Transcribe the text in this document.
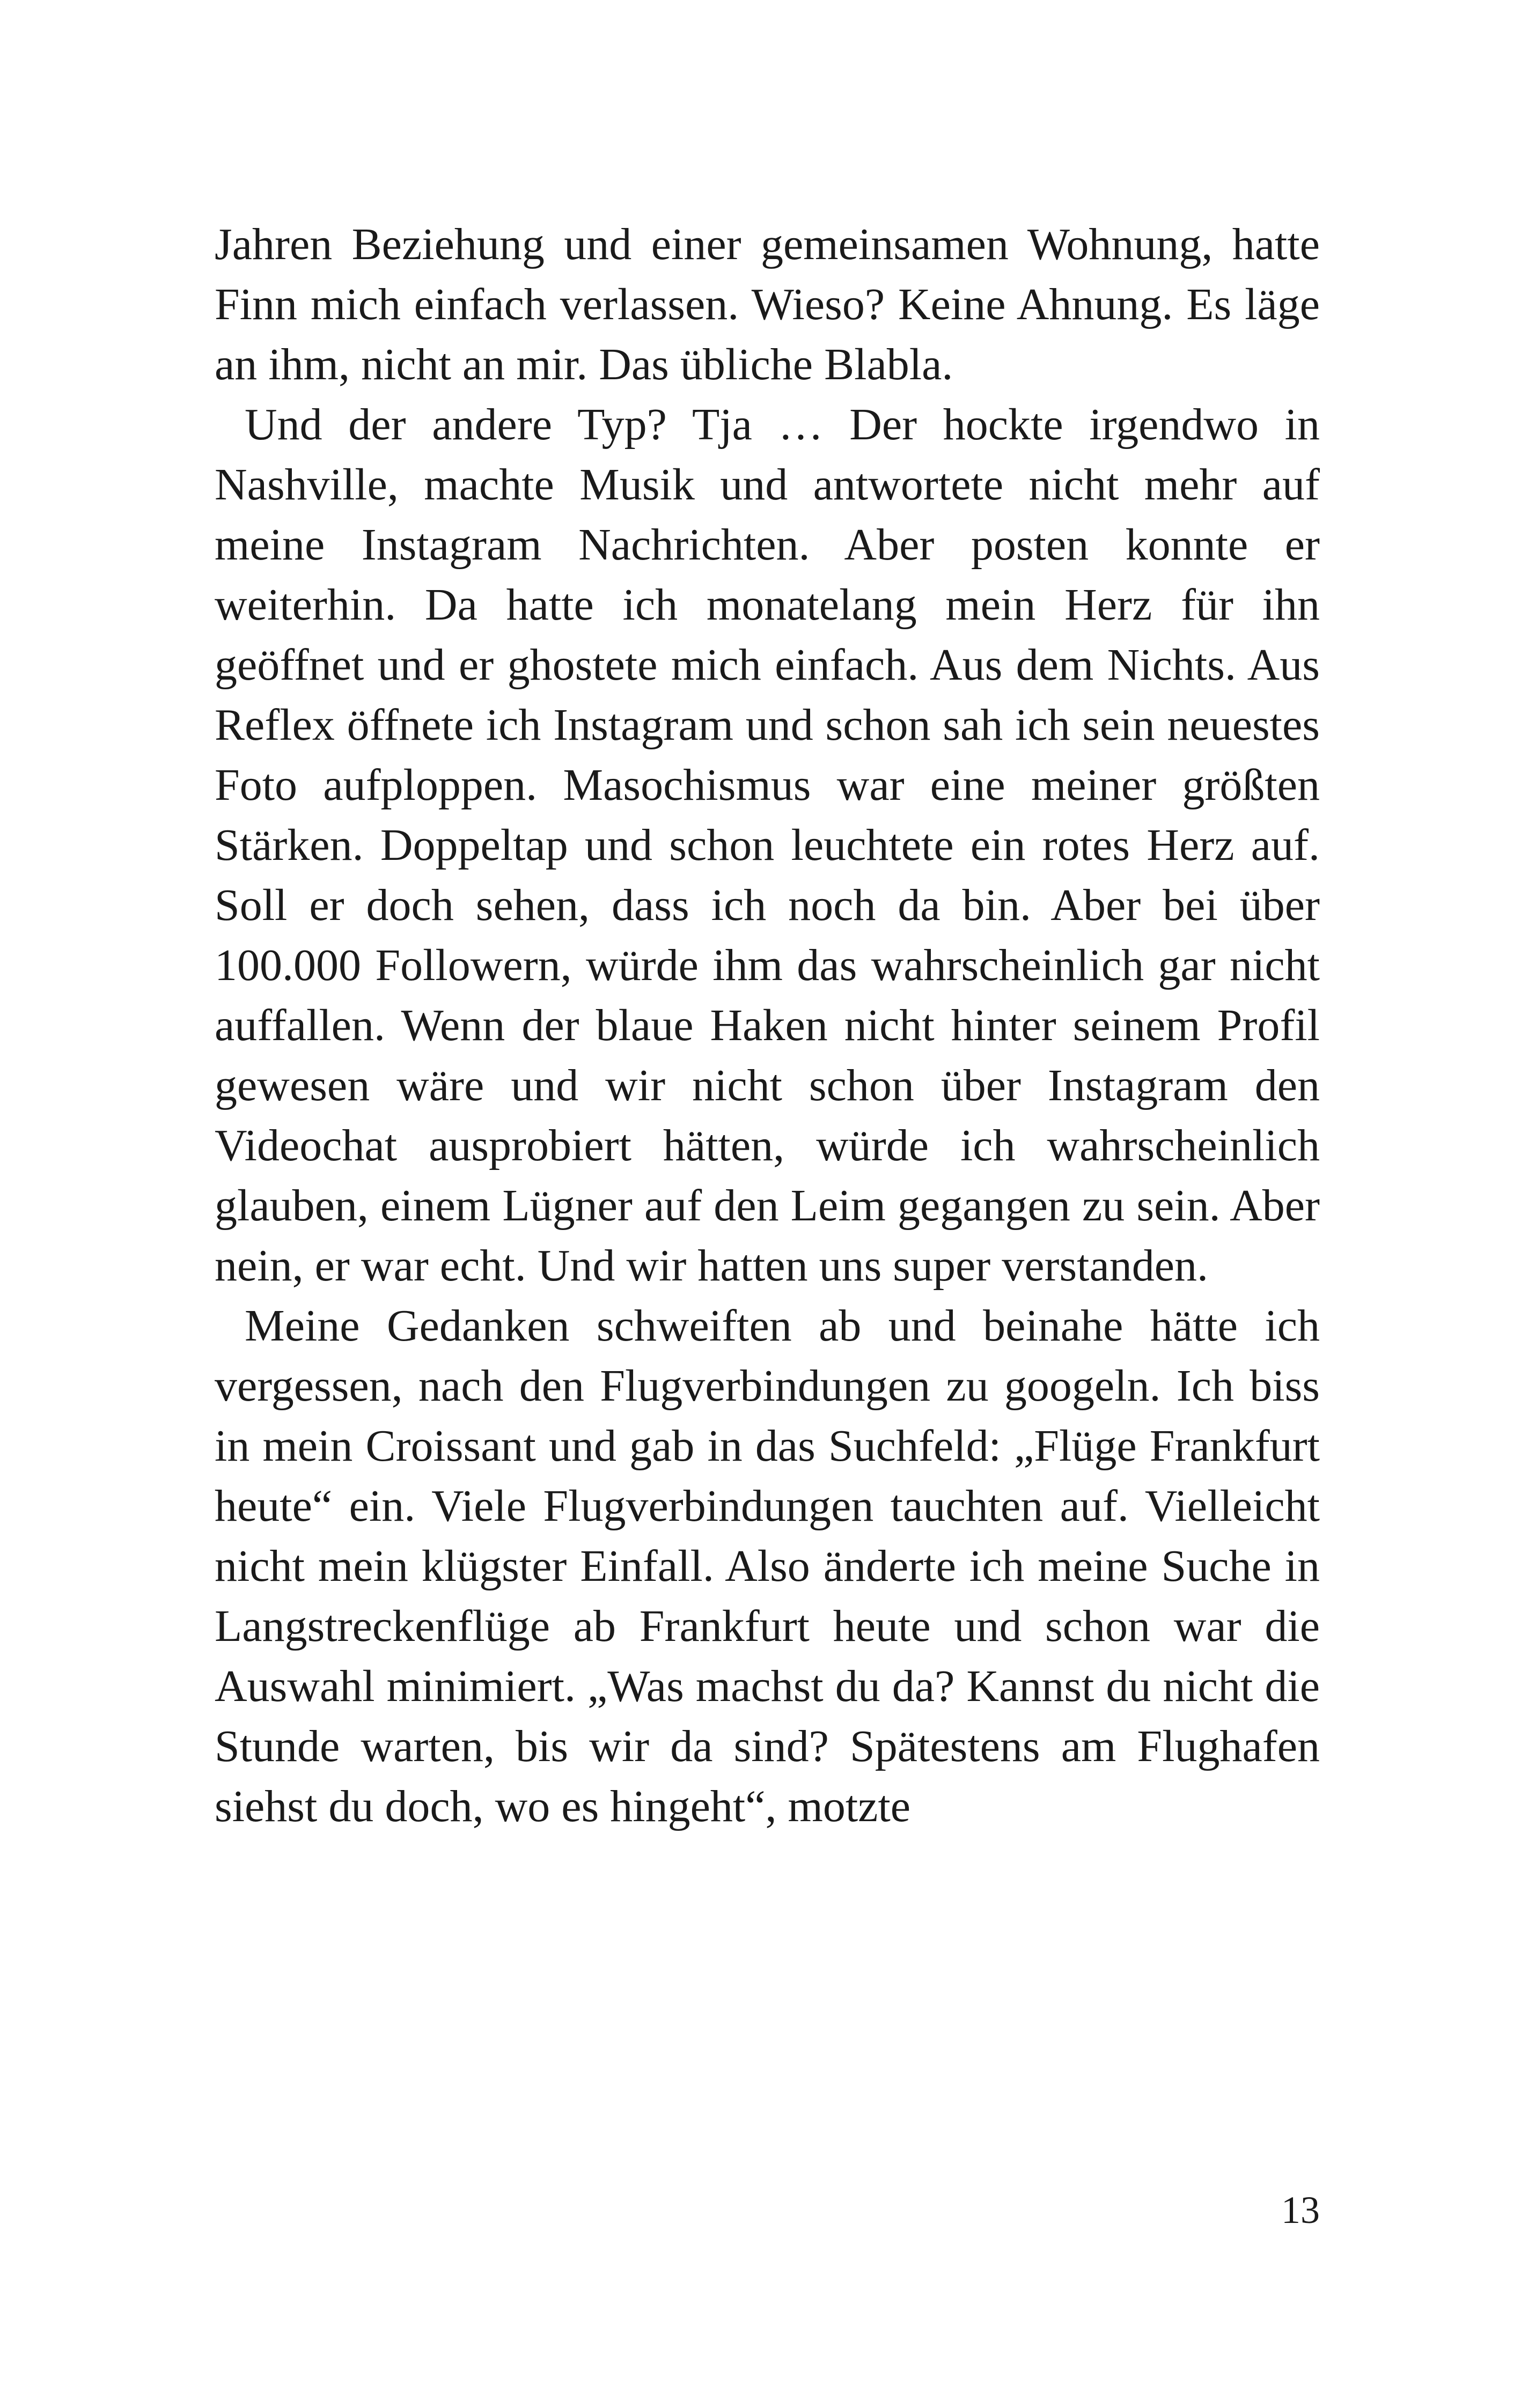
Jahren Beziehung und einer gemeinsamen Wohnung, hatte Finn mich einfach verlassen. Wieso? Keine Ahnung. Es läge an ihm, nicht an mir. Das übliche Blabla.

Und der andere Typ? Tja … Der hockte irgendwo in Nashville, machte Musik und antwortete nicht mehr auf meine Instagram Nachrichten. Aber posten konnte er weiterhin. Da hatte ich monatelang mein Herz für ihn geöffnet und er ghostete mich einfach. Aus dem Nichts. Aus Reflex öffnete ich Instagram und schon sah ich sein neuestes Foto aufploppen. Masochismus war eine meiner größten Stärken. Doppeltap und schon leuchtete ein rotes Herz auf. Soll er doch sehen, dass ich noch da bin. Aber bei über 100.000 Followern, würde ihm das wahrscheinlich gar nicht auffallen. Wenn der blaue Haken nicht hinter seinem Profil gewesen wäre und wir nicht schon über Instagram den Videochat ausprobiert hätten, würde ich wahrscheinlich glauben, einem Lügner auf den Leim gegangen zu sein. Aber nein, er war echt. Und wir hatten uns super verstanden.

Meine Gedanken schweiften ab und beinahe hätte ich vergessen, nach den Flugverbindungen zu googeln. Ich biss in mein Croissant und gab in das Suchfeld: „Flüge Frankfurt heute“ ein. Viele Flugverbindungen tauchten auf. Vielleicht nicht mein klügster Einfall. Also änderte ich meine Suche in Langstreckenflüge ab Frankfurt heute und schon war die Auswahl minimiert. „Was machst du da? Kannst du nicht die Stunde warten, bis wir da sind? Spätestens am Flughafen siehst du doch, wo es hingeht“, motzte

13
